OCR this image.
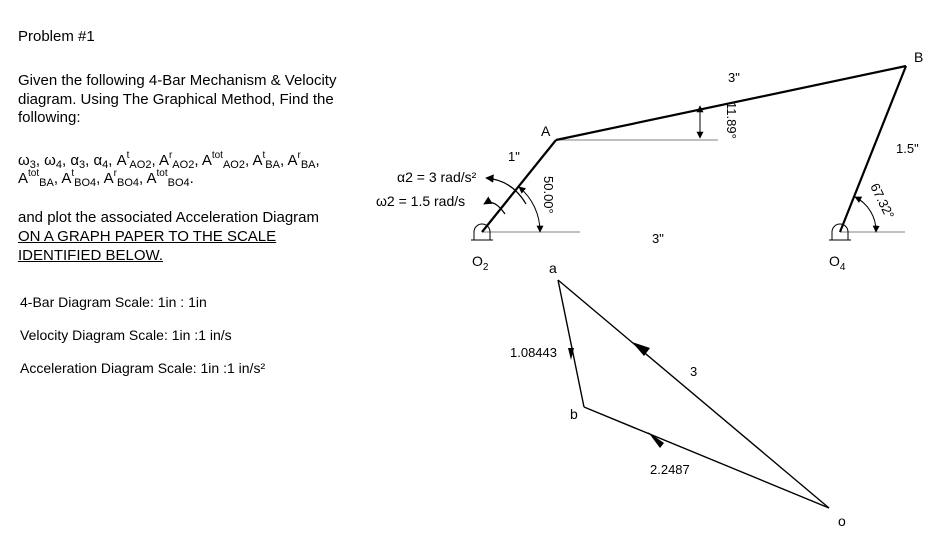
Problem #1
Given the following 4-Bar Mechanism & Velocity
diagram. Using The Graphical Method, Find the
following:
$\omega_3$, $\omega_4$, $\alpha_3$, $\alpha_4$, $A^t_{AO2}$, $A^r_{AO2}$, $A^{tot}_{AO2}$, $A^t_{BA}$, $A^r_{BA}$,
$A^{tot}_{BA}$, $A^t_{BO4}$, $A^r_{BO4}$, $A^{tot}_{BO4}$.
and plot the associated Acceleration Diagram
ON A GRAPH PAPER TO THE SCALE
IDENTIFIED BELOW.
4-Bar Diagram Scale: 1in : 1in
Velocity Diagram Scale: 1in :1 in/s
Acceleration Diagram Scale: 1in :1 in/s²
A
B
1"
3"
1.5"
3"
α2 = 3 rad/s²
ω2 = 1.5 rad/s	50.00°
11.89°
67.32°
$O_2$	$O_4$
a
b
o
3
1.08443
2.2487
